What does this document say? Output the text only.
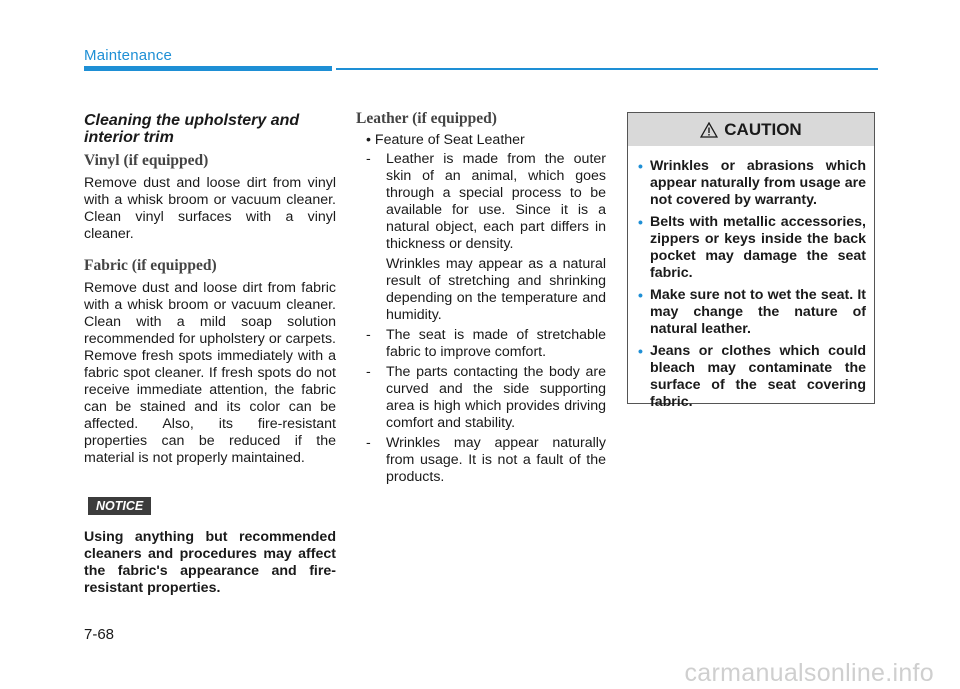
Maintenance
Cleaning the upholstery and
interior trim
Vinyl (if equipped)

Remove dust and loose dirt from vinyl with a whisk broom or vacuum cleaner. Clean vinyl surfaces with a vinyl cleaner.

Fabric (if equipped)

Remove dust and loose dirt from fabric with a whisk broom or vacuum cleaner. Clean with a mild soap solution recommended for upholstery or carpets. Remove fresh spots immediately with a fabric spot cleaner. If fresh spots do not receive immediate attention, the fabric can be stained and its color can be affected. Also, its fire-resistant properties can be reduced if the material is not properly maintained.

NOTICE
Using anything but recommended cleaners and procedures may affect the fabric's appearance and fire-resistant properties.
Leather (if equipped)
• Feature of Seat Leather
- Leather is made from the outer skin of an animal, which goes through a special process to be available for use. Since it is a natural object, each part differs in thickness or density.
Wrinkles may appear as a natural result of stretching and shrinking depending on the temperature and humidity.
- The seat is made of stretchable fabric to improve comfort.
- The parts contacting the body are curved and the side supporting area is high which provides driving comfort and stability.
- Wrinkles may appear naturally from usage. It is not a fault of the products.
CAUTION
• Wrinkles or abrasions which appear naturally from usage are not covered by warranty.
• Belts with metallic accessories, zippers or keys inside the back pocket may damage the seat fabric.
• Make sure not to wet the seat. It may change the nature of natural leather.
• Jeans or clothes which could bleach may contaminate the surface of the seat covering fabric.
7-68
carmanualsonline.info
